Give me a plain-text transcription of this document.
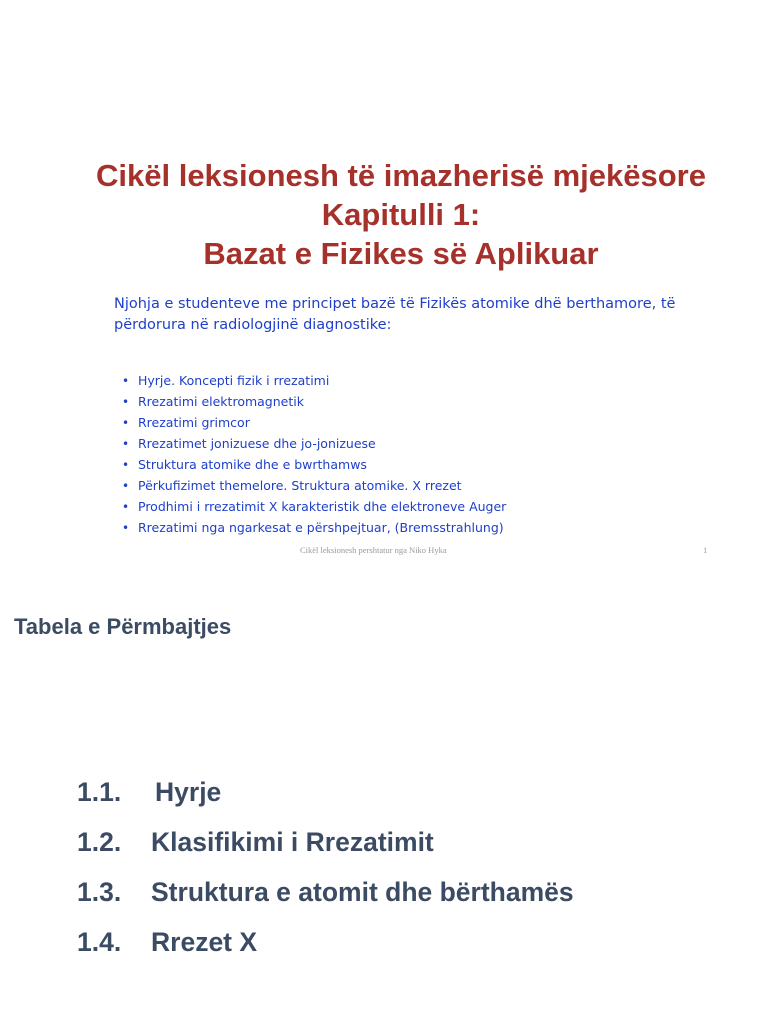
Cikël leksionesh të imazherisë mjekësore
Kapitulli 1:
Bazat e Fizikes së Aplikuar
Njohja e studenteve me principet bazë të Fizikës atomike dhë berthamore, të përdorura në radiologjinë diagnostike:
• Hyrje. Koncepti fizik i rrezatimi
• Rrezatimi elektromagnetik
• Rrezatimi grimcor
• Rrezatimet jonizuese dhe jo-jonizuese
• Struktura atomike dhe e bwrthamws
• Përkufizimet themelore. Struktura atomike. X rrezet
• Prodhimi i rrezatimit X karakteristik dhe elektroneve Auger
• Rrezatimi nga ngarkesat e përshpejtuar, (Bremsstrahlung)
Cikël leksionesh pershtatur nga Niko Hyka	1
Tabela e Përmbajtjes
1.1. Hyrje
1.2. Klasifikimi i Rrezatimit
1.3. Struktura e atomit dhe bërthamës
1.4. Rrezet X
